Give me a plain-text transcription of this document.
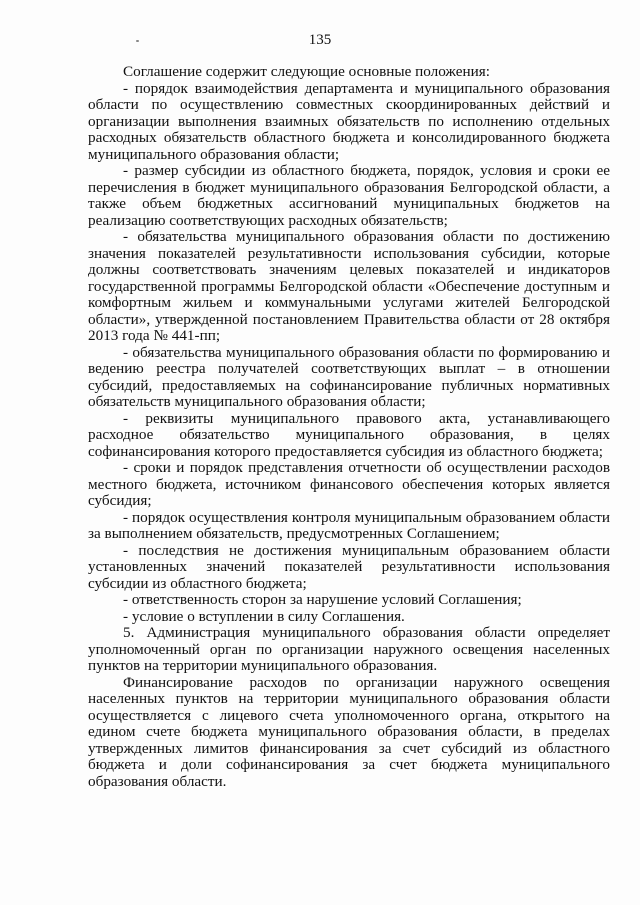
135

Соглашение содержит следующие основные положения:

- порядок взаимодействия департамента и муниципального образования области по осуществлению совместных скоординированных действий и организации выполнения взаимных обязательств по исполнению отдельных расходных обязательств областного бюджета и консолидированного бюджета муниципального образования области;

- размер субсидии из областного бюджета, порядок, условия и сроки ее перечисления в бюджет муниципального образования Белгородской области, а также объем бюджетных ассигнований муниципальных бюджетов на реализацию соответствующих расходных обязательств;

- обязательства муниципального образования области по достижению значения показателей результативности использования субсидии, которые должны соответствовать значениям целевых показателей и индикаторов государственной программы Белгородской области «Обеспечение доступным и комфортным жильем и коммунальными услугами жителей Белгородской области», утвержденной постановлением Правительства области от 28 октября 2013 года № 441-пп;

- обязательства муниципального образования области по формированию и ведению реестра получателей соответствующих выплат – в отношении субсидий, предоставляемых на софинансирование публичных нормативных обязательств муниципального образования области;

- реквизиты муниципального правового акта, устанавливающего расходное обязательство муниципального образования, в целях софинансирования которого предоставляется субсидия из областного бюджета;

- сроки и порядок представления отчетности об осуществлении расходов местного бюджета, источником финансового обеспечения которых является субсидия;

- порядок осуществления контроля муниципальным образованием области за выполнением обязательств, предусмотренных Соглашением;

- последствия не достижения муниципальным образованием области установленных значений показателей результативности использования субсидии из областного бюджета;

- ответственность сторон за нарушение условий Соглашения;

- условие о вступлении в силу Соглашения.

5. Администрация муниципального образования области определяет уполномоченный орган по организации наружного освещения населенных пунктов на территории муниципального образования.

Финансирование расходов по организации наружного освещения населенных пунктов на территории муниципального образования области осуществляется с лицевого счета уполномоченного органа, открытого на едином счете бюджета муниципального образования области, в пределах утвержденных лимитов финансирования за счет субсидий из областного бюджета и доли софинансирования за счет бюджета муниципального образования области.
